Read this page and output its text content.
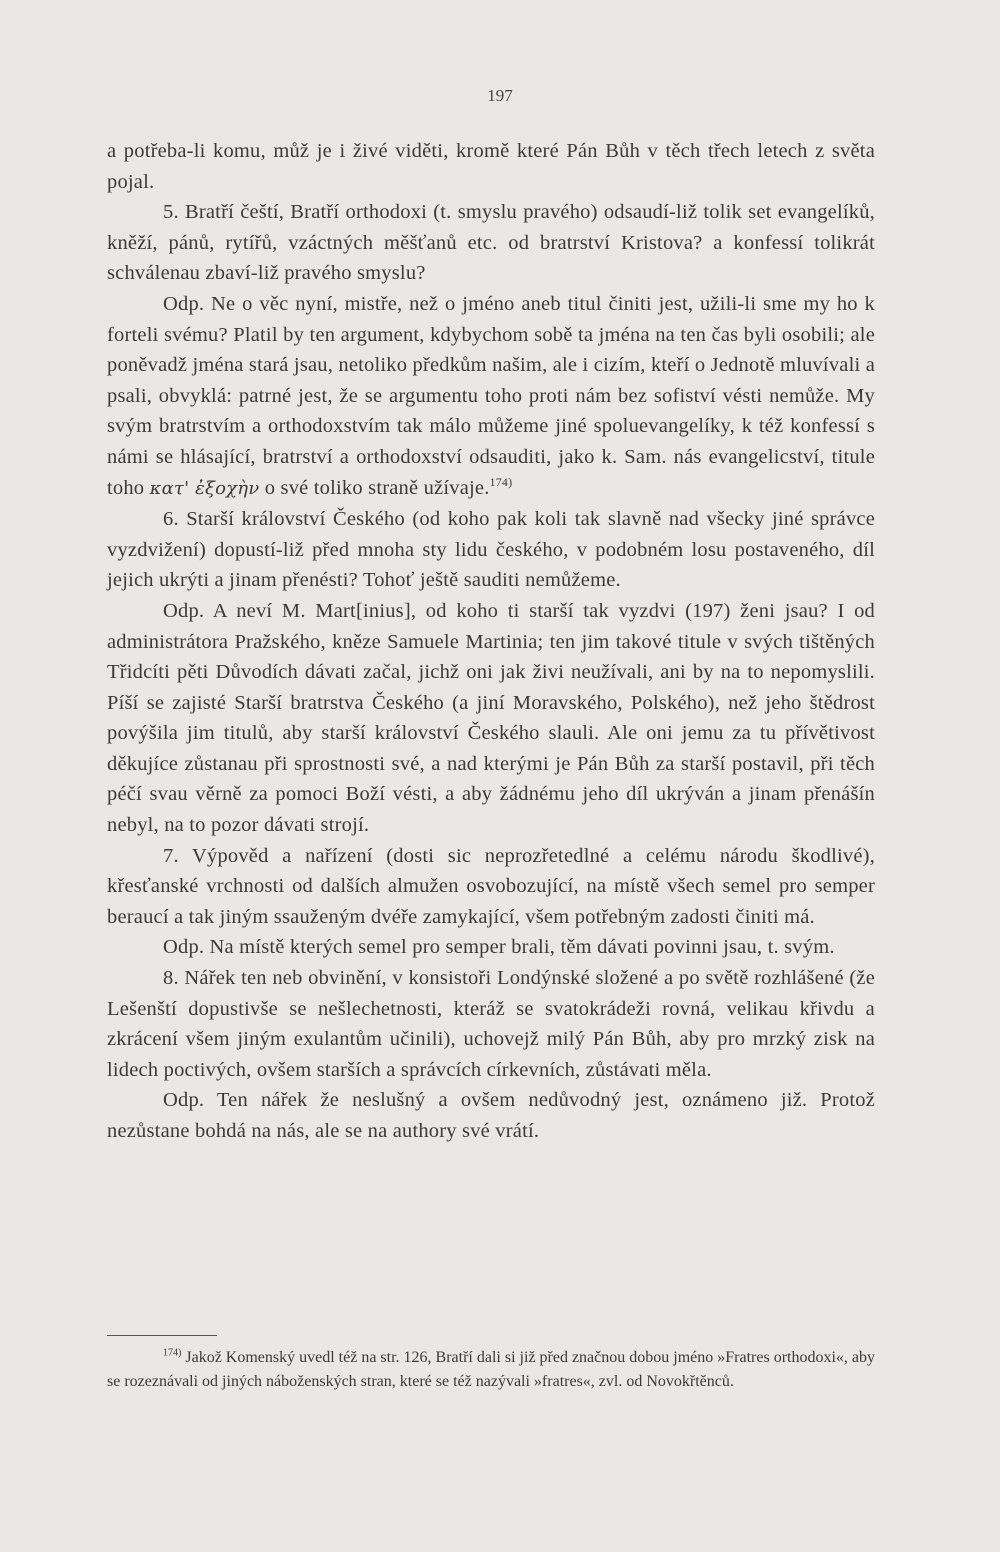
197

a potřeba-li komu, můž je i živé viděti, kromě které Pán Bůh v těch třech letech z světa pojal.

5. Bratří čeští, Bratří orthodoxi (t. smyslu pravého) odsaudí-liž tolik set evangelíků, kněží, pánů, rytířů, vzáctných měšťanů etc. od bratrství Kristova? a konfessí tolikrát schválenau zbaví-liž pravého smyslu?

Odp. Ne o věc nyní, mistře, než o jméno aneb titul činiti jest, užili-li sme my ho k forteli svému? Platil by ten argument, kdybychom sobě ta jména na ten čas byli osobili; ale poněvadž jména stará jsau, netoliko předkům našim, ale i cizím, kteří o Jednotě mluvívali a psali, obvyklá: patrné jest, že se argumentu toho proti nám bez sofiství vésti nemůže. My svým bratrstvím a orthodoxstvím tak málo můžeme jiné spoluevangelíky, k též konfessí s námi se hlásající, bratrství a orthodoxství odsauditi, jako k. Sam. nás evangelicství, titule toho κατ' ἐξοχὴν o své toliko straně užívaje.$^{174)}$

6. Starší království Českého (od koho pak koli tak slavně nad všecky jiné správce vyzdvižení) dopustí-liž před mnoha sty lidu českého, v podobném losu postaveného, díl jejich ukrýti a jinam přenésti? Tohoť ještě sauditi nemůžeme.

Odp. A neví M. Mart[inius], od koho ti starší tak vyzdvi (197) ženi jsau? I od administrátora Pražského, kněze Samuele Martinia; ten jim takové titule v svých tištěných Třidcíti pěti Důvodích dávati začal, jichž oni jak živi neužívali, ani by na to nepomyslili. Píší se zajisté Starší bratrstva Českého (a jiní Moravského, Polského), než jeho štědrost povýšila jim titulů, aby starší království Českého slauli. Ale oni jemu za tu přívětivost děkujíce zůstanau při sprostnosti své, a nad kterými je Pán Bůh za starší postavil, při těch péčí svau věrně za pomoci Boží vésti, a aby žádnému jeho díl ukrýván a jinam přenášín nebyl, na to pozor dávati strojí.

7. Výpověd a nařízení (dosti sic neprozřetedlné a celému národu škodlivé), křesťanské vrchnosti od dalších almužen osvobozující, na místě všech semel pro semper beraucí a tak jiným ssauženým dvéře zamykající, všem potřebným zadosti činiti má.

Odp. Na místě kterých semel pro semper brali, těm dávati povinni jsau, t. svým.

8. Nářek ten neb obvinění, v konsistoři Londýnské složené a po světě rozhlášené (že Lešenští dopustivše se nešlechetnosti, kteráž se svatokrádeži rovná, velikau křivdu a zkrácení všem jiným exulantům učinili), uchovejž milý Pán Bůh, aby pro mrzký zisk na lidech poctivých, ovšem starších a správcích církevních, zůstávati měla.

Odp. Ten nářek že neslušný a ovšem nedůvodný jest, oznámeno již. Protož nezůstane bohdá na nás, ale se na authory své vrátí.

$^{174)}$ Jakož Komenský uvedl též na str. 126, Bratří dali si již před značnou dobou jméno »Fratres orthodoxi«, aby se rozeznávali od jiných náboženských stran, které se též nazývali »fratres«, zvl. od Novokřtěnců.
